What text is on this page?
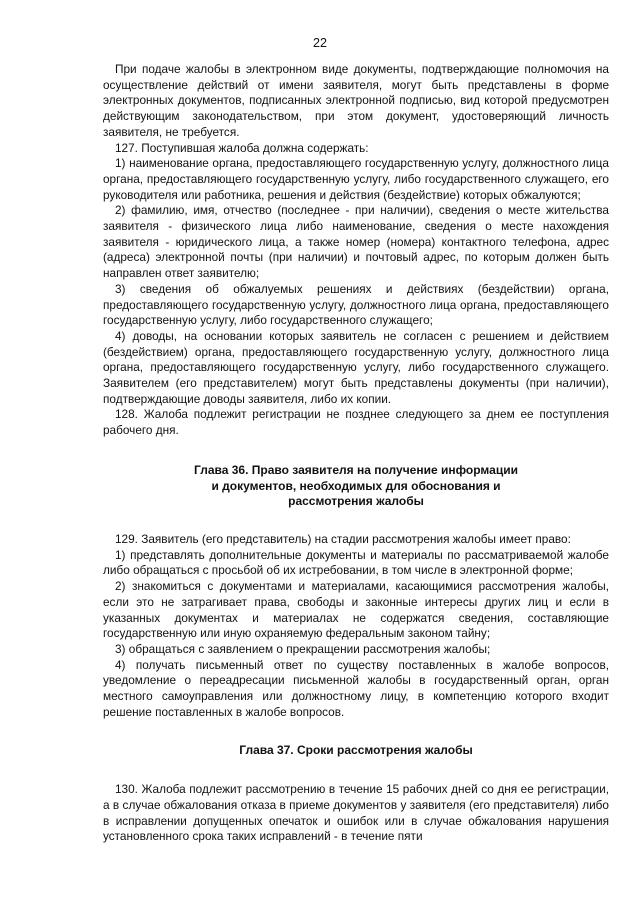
22

При подаче жалобы в электронном виде документы, подтверждающие полномочия на осуществление действий от имени заявителя, могут быть представлены в форме электронных документов, подписанных электронной подписью, вид которой предусмотрен действующим законодательством, при этом документ, удостоверяющий личность заявителя, не требуется.

127. Поступившая жалоба должна содержать:

1) наименование органа, предоставляющего государственную услугу, должностного лица органа, предоставляющего государственную услугу, либо государственного служащего, его руководителя или работника, решения и действия (бездействие) которых обжалуются;

2) фамилию, имя, отчество (последнее - при наличии), сведения о месте жительства заявителя - физического лица либо наименование, сведения о месте нахождения заявителя - юридического лица, а также номер (номера) контактного телефона, адрес (адреса) электронной почты (при наличии) и почтовый адрес, по которым должен быть направлен ответ заявителю;

3) сведения об обжалуемых решениях и действиях (бездействии) органа, предоставляющего государственную услугу, должностного лица органа, предоставляющего государственную услугу, либо государственного служащего;

4) доводы, на основании которых заявитель не согласен с решением и действием (бездействием) органа, предоставляющего государственную услугу, должностного лица органа, предоставляющего государственную услугу, либо государственного служащего. Заявителем (его представителем) могут быть представлены документы (при наличии), подтверждающие доводы заявителя, либо их копии.

128. Жалоба подлежит регистрации не позднее следующего за днем ее поступления рабочего дня.

Глава 36. Право заявителя на получение информации
и документов, необходимых для обоснования и
рассмотрения жалобы

129. Заявитель (его представитель) на стадии рассмотрения жалобы имеет право:

1) представлять дополнительные документы и материалы по рассматриваемой жалобе либо обращаться с просьбой об их истребовании, в том числе в электронной форме;

2) знакомиться с документами и материалами, касающимися рассмотрения жалобы, если это не затрагивает права, свободы и законные интересы других лиц и если в указанных документах и материалах не содержатся сведения, составляющие государственную или иную охраняемую федеральным законом тайну;

3) обращаться с заявлением о прекращении рассмотрения жалобы;

4) получать письменный ответ по существу поставленных в жалобе вопросов, уведомление о переадресации письменной жалобы в государственный орган, орган местного самоуправления или должностному лицу, в компетенцию которого входит решение поставленных в жалобе вопросов.

Глава 37. Сроки рассмотрения жалобы

130. Жалоба подлежит рассмотрению в течение 15 рабочих дней со дня ее регистрации, а в случае обжалования отказа в приеме документов у заявителя (его представителя) либо в исправлении допущенных опечаток и ошибок или в случае обжалования нарушения установленного срока таких исправлений - в течение пяти
